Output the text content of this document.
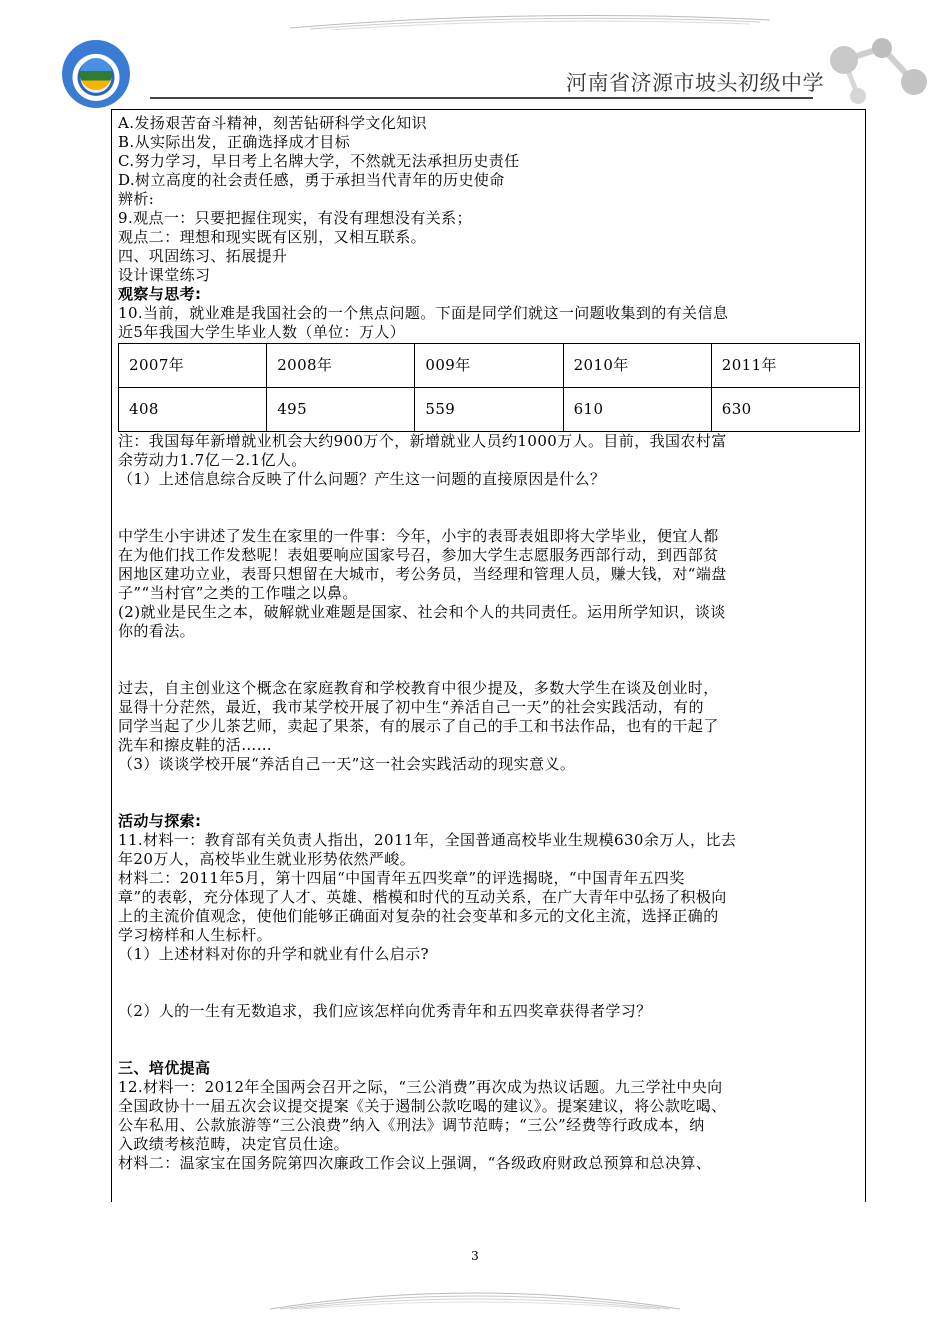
河南省济源市坡头初级中学

A.发扬艰苦奋斗精神，刻苦钻研科学文化知识

B.从实际出发，正确选择成才目标

C.努力学习，早日考上名牌大学，不然就无法承担历史责任

D.树立高度的社会责任感，勇于承担当代青年的历史使命

辨析:

9.观点一：只要把握住现实，有没有理想没有关系；

观点二：理想和现实既有区别，又相互联系。

四、巩固练习、拓展提升

设计课堂练习

观察与思考:

10.当前，就业难是我国社会的一个焦点问题。下面是同学们就这一问题收集到的有关信息

近5年我国大学生毕业人数（单位：万人）

2007年	2008年	009年	2010年	2011年
408	495	559	610	630

注：我国每年新增就业机会大约900万个，新增就业人员约1000万人。目前，我国农村富

余劳动力1.7亿－2.1亿人。

（1）上述信息综合反映了什么问题？产生这一问题的直接原因是什么？

中学生小宇讲述了发生在家里的一件事：今年，小宇的表哥表姐即将大学毕业，便宜人都

在为他们找工作发愁呢！表姐要响应国家号召，参加大学生志愿服务西部行动，到西部贫

困地区建功立业，表哥只想留在大城市，考公务员，当经理和管理人员，赚大钱，对“端盘

子”“当村官”之类的工作嗤之以鼻。

(2)就业是民生之本，破解就业难题是国家、社会和个人的共同责任。运用所学知识，谈谈

你的看法。

过去，自主创业这个概念在家庭教育和学校教育中很少提及，多数大学生在谈及创业时，

显得十分茫然，最近，我市某学校开展了初中生“养活自己一天”的社会实践活动，有的

同学当起了少儿茶艺师，卖起了果茶，有的展示了自己的手工和书法作品，也有的干起了

洗车和擦皮鞋的活……

（3）谈谈学校开展“养活自己一天”这一社会实践活动的现实意义。

活动与探索:

11.材料一：教育部有关负责人指出，2011年，全国普通高校毕业生规模630余万人，比去

年20万人，高校毕业生就业形势依然严峻。

材料二：2011年5月，第十四届“中国青年五四奖章”的评选揭晓，“中国青年五四奖

章”的表彰，充分体现了人才、英雄、楷模和时代的互动关系，在广大青年中弘扬了积极向

上的主流价值观念，使他们能够正确面对复杂的社会变革和多元的文化主流，选择正确的

学习榜样和人生标杆。

（1）上述材料对你的升学和就业有什么启示?

（2）人的一生有无数追求，我们应该怎样向优秀青年和五四奖章获得者学习？

三、培优提高

12.材料一：2012年全国两会召开之际，“三公消费”再次成为热议话题。九三学社中央向

全国政协十一届五次会议提交提案《关于遏制公款吃喝的建议》。提案建议，将公款吃喝、

公车私用、公款旅游等“三公浪费”纳入《刑法》调节范畴；“三公”经费等行政成本，纳

入政绩考核范畴，决定官员仕途。

材料二：温家宝在国务院第四次廉政工作会议上强调，“各级政府财政总预算和总决算、

3
